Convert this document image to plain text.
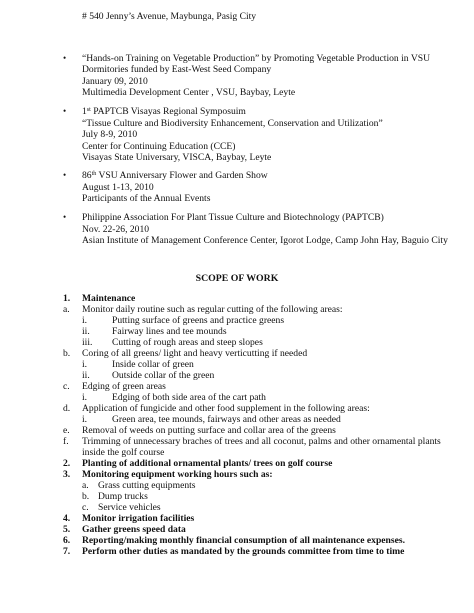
# 540 Jenny’s Avenue, Maybunga, Pasig City
• “Hands-on Training on Vegetable Production” by Promoting Vegetable Production in VSU
Dormitories funded by East-West Seed Company
January 09, 2010
Multimedia Development Center , VSU, Baybay, Leyte
• 1st PAPTCB Visayas Regional Symposuim
“Tissue Culture and Biodiversity Enhancement, Conservation and Utilization”
July 8-9, 2010
Center for Continuing Education (CCE)
Visayas State Universary, VISCA, Baybay, Leyte
• 86th VSU Anniversary Flower and Garden Show
August 1-13, 2010
Participants of the Annual Events
• Philippine Association For Plant Tissue Culture and Biotechnology (PAPTCB)
Nov. 22-26, 2010
Asian Institute of Management Conference Center, Igorot Lodge, Camp John Hay, Baguio City
SCOPE OF WORK
1. Maintenance
a. Monitor daily routine such as regular cutting of the following areas:
i.	Putting surface of greens and practice greens
ii. Fairway lines and tee mounds
iii. Cutting of rough areas and steep slopes
b. Coring of all greens/ light and heavy verticutting if needed
i.	Inside collar of green
ii. Outside collar of the green
c. Edging of green areas
i.	Edging of both side area of the cart path
d. Application of fungicide and other food supplement in the following areas:
i.	Green area, tee mounds, fairways and other areas as needed
e. Removal of weeds on putting surface and collar area of the greens
f. Trimming of unnecessary braches of trees and all coconut, palms and other ornamental plants
inside the golf course
2. Planting of additional ornamental plants/ trees on golf course
3. Monitoring equipment working hours such as:
a. Grass cutting equipments
b. Dump trucks
c. Service vehicles
4. Monitor irrigation facilities
5. Gather greens speed data
6. Reporting/making monthly financial consumption of all maintenance expenses.
7. Perform other duties as mandated by the grounds committee from time to time
